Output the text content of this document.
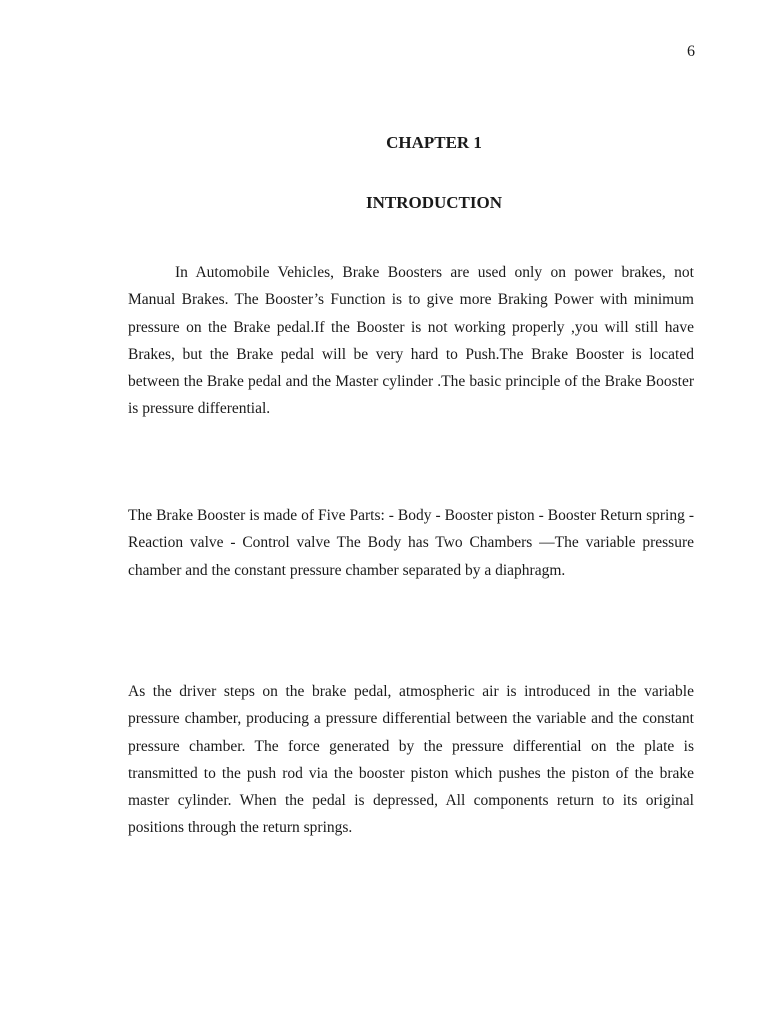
6
CHAPTER 1
INTRODUCTION

In Automobile Vehicles, Brake Boosters are used only on power brakes, not Manual Brakes. The Booster’s Function is to give more Braking Power with minimum pressure on the Brake pedal.If the Booster is not working properly ,you will still have Brakes, but the Brake pedal will be very hard to Push.The Brake Booster is located between the Brake pedal and the Master cylinder .The basic principle of the Brake Booster is pressure differential.

The Brake Booster is made of Five Parts: - Body - Booster piston - Booster Return spring - Reaction valve - Control valve The Body has Two Chambers —The variable pressure chamber and the constant pressure chamber separated by a diaphragm.

As the driver steps on the brake pedal, atmospheric air is introduced in the variable pressure chamber, producing a pressure differential between the variable and the constant pressure chamber. The force generated by the pressure differential on the plate is transmitted to the push rod via the booster piston which pushes the piston of the brake master cylinder. When the pedal is depressed, All components return to its original positions through the return springs.
